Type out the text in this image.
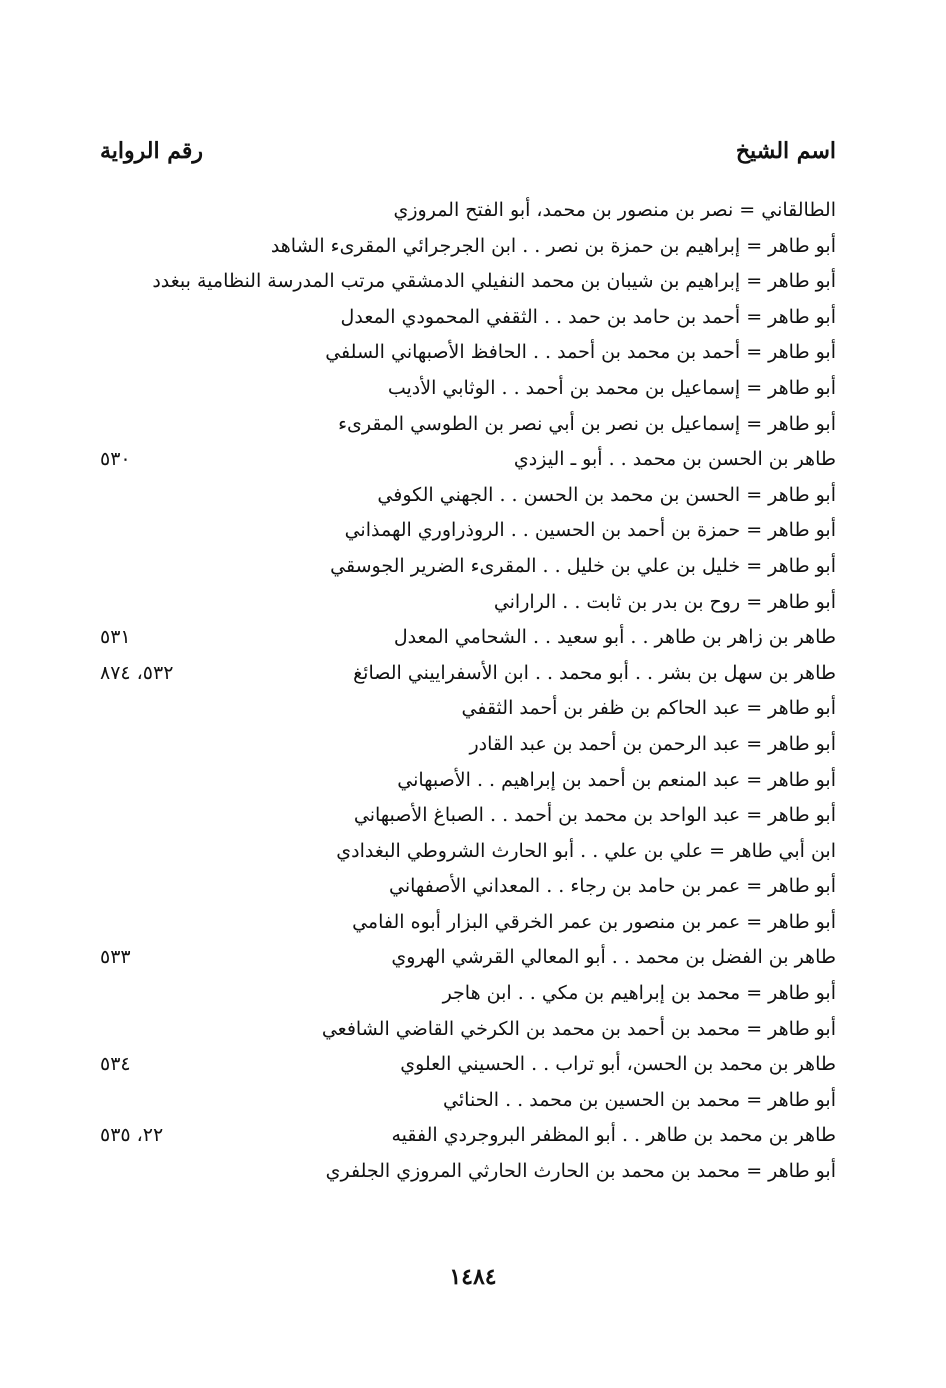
اسم الشيخ
رقم الرواية
الطالقاني = نصر بن منصور بن محمد، أبو الفتح المروزي
أبو طاهر = إبراهيم بن حمزة بن نصر . . ابن الجرجرائي المقرىء الشاهد
أبو طاهر = إبراهيم بن شيبان بن محمد النفيلي الدمشقي مرتب المدرسة النظامية ببغدد
أبو طاهر = أحمد بن حامد بن حمد . . الثقفي المحمودي المعدل
أبو طاهر = أحمد بن محمد بن أحمد . . الحافظ الأصبهاني السلفي
أبو طاهر = إسماعيل بن محمد بن أحمد . . الوثابي الأديب
أبو طاهر = إسماعيل بن نصر بن أبي نصر بن الطوسي المقرىء
طاهر بن الحسن بن محمد . . أبو ـ اليزدي
٥٣٠
أبو طاهر = الحسن بن محمد بن الحسن . . الجهني الكوفي
أبو طاهر = حمزة بن أحمد بن الحسين . . الروذراوري الهمذاني
أبو طاهر = خليل بن علي بن خليل . . المقرىء الضرير الجوسقي
أبو طاهر = روح بن بدر بن ثابت . . الراراني
طاهر بن زاهر بن طاهر . . أبو سعيد . . الشحامي المعدل
٥٣١
طاهر بن سهل بن بشر . . أبو محمد . . ابن الأسفراييني الصائغ
٥٣٢، ٨٧٤
أبو طاهر = عبد الحاكم بن ظفر بن أحمد الثقفي
أبو طاهر = عبد الرحمن بن أحمد بن عبد القادر
أبو طاهر = عبد المنعم بن أحمد بن إبراهيم . . الأصبهاني
أبو طاهر = عبد الواحد بن محمد بن أحمد . . الصباغ الأصبهاني
ابن أبي طاهر = علي بن علي . . أبو الحارث الشروطي البغدادي
أبو طاهر = عمر بن حامد بن رجاء . . المعداني الأصفهاني
أبو طاهر = عمر بن منصور بن عمر الخرقي البزار أبوه الفامي
طاهر بن الفضل بن محمد . . أبو المعالي القرشي الهروي
٥٣٣
أبو طاهر = محمد بن إبراهيم بن مكي . . ابن هاجر
أبو طاهر = محمد بن أحمد بن محمد بن الكرخي القاضي الشافعي
طاهر بن محمد بن الحسن، أبو تراب . . الحسيني العلوي
٥٣٤
أبو طاهر = محمد بن الحسين بن محمد . . الحنائي
طاهر بن محمد بن طاهر . . أبو المظفر البروجردي الفقيه
٢٢، ٥٣٥
أبو طاهر = محمد بن محمد بن الحارث الحارثي المروزي الجلفري
١٤٨٤
